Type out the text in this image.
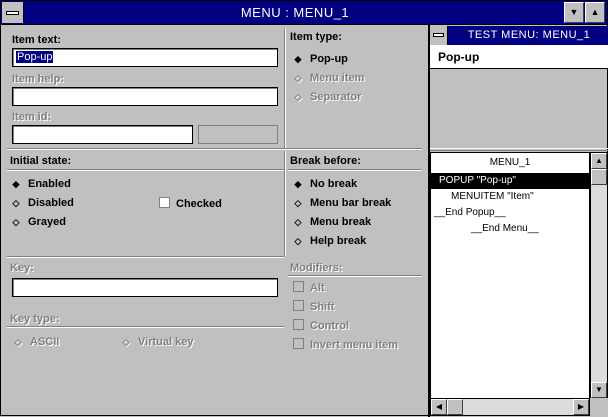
MENU : MENU_1	▼	▲
Item text:
Pop-up
Item help:
Item id:
Item type:
◆ Pop-up
◇ Menu item
◇ Separator
Initial state:
◆ Enabled
◇ Disabled
◇ Grayed
Checked
Break before:
◆ No break
◇ Menu bar break
◇ Menu break
◇ Help break
Key:
Key type:
◇ ASCII	◇ Virtual key
Modifiers:
Alt
Shift
Control
Invert menu item
TEST MENU: MENU_1
Pop-up
MENU_1
POPUP "Pop-up"
MENUITEM "Item"
__End Popup__
__End Menu__
▲
▼
◀	▶
